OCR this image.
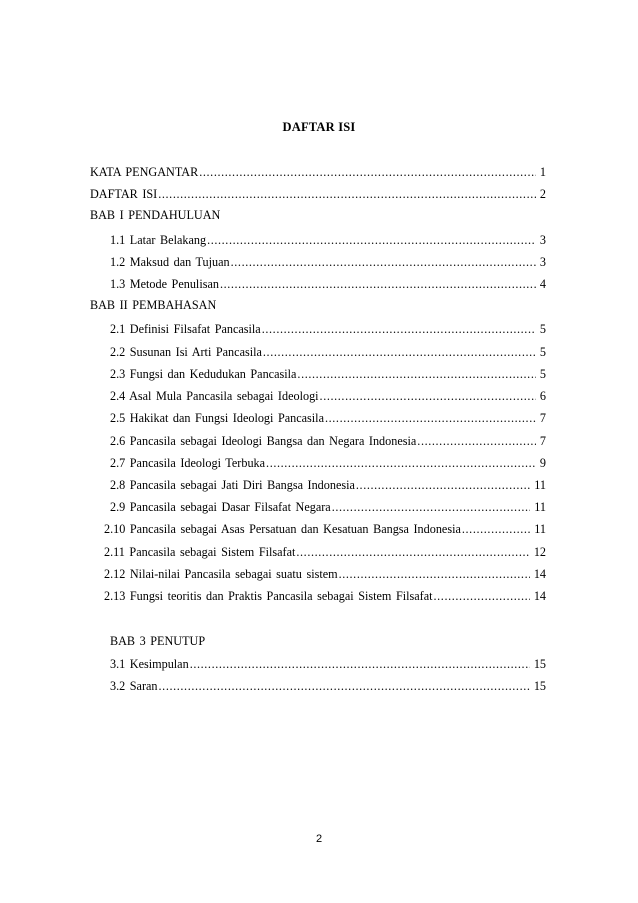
DAFTAR ISI
KATA PENGANTAR .....	1
DAFTAR ISI .....	2
BAB I PENDAHULUAN
1.1 Latar Belakang .....	3
1.2 Maksud dan Tujuan .....	3
1.3 Metode Penulisan .....	4
BAB II PEMBAHASAN
2.1 Definisi Filsafat Pancasila .....	5
2.2 Susunan Isi Arti Pancasila .....	5
2.3 Fungsi dan Kedudukan Pancasila .....	5
2.4 Asal Mula Pancasila sebagai Ideologi .....	6
2.5 Hakikat dan Fungsi Ideologi Pancasila .....	7
2.6 Pancasila sebagai Ideologi Bangsa dan Negara Indonesia .....	7
2.7 Pancasila Ideologi Terbuka .....	9
2.8 Pancasila sebagai Jati Diri Bangsa Indonesia .....	11
2.9 Pancasila sebagai Dasar Filsafat Negara .....	11
2.10 Pancasila sebagai Asas Persatuan dan Kesatuan Bangsa Indonesia .....	11
2.11 Pancasila sebagai Sistem Filsafat .....	12
2.12 Nilai-nilai Pancasila sebagai suatu sistem .....	14
2.13 Fungsi teoritis dan Praktis Pancasila sebagai Sistem Filsafat .....	14
BAB 3 PENUTUP
3.1 Kesimpulan .....	15
3.2 Saran .....	15
2
